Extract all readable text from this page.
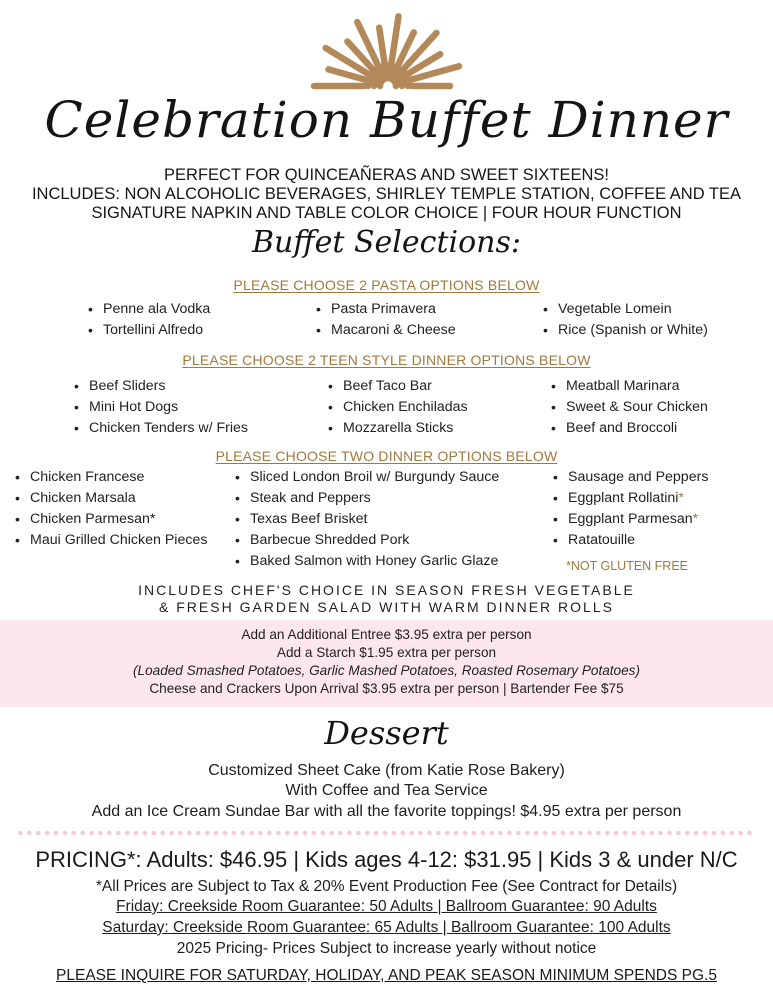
Celebration Buffet Dinner
PERFECT FOR QUINCEAÑERAS AND SWEET SIXTEENS!
INCLUDES: NON ALCOHOLIC BEVERAGES, SHIRLEY TEMPLE STATION, COFFEE AND TEA
SIGNATURE NAPKIN AND TABLE COLOR CHOICE | FOUR HOUR FUNCTION
Buffet Selections:
PLEASE CHOOSE 2 PASTA OPTIONS BELOW
• Penne ala Vodka
• Tortellini Alfredo
• Pasta Primavera
• Macaroni & Cheese
• Vegetable Lomein
• Rice (Spanish or White)
PLEASE CHOOSE 2 TEEN STYLE DINNER OPTIONS BELOW
• Beef Sliders
• Mini Hot Dogs
• Chicken Tenders w/ Fries
• Beef Taco Bar
• Chicken Enchiladas
• Mozzarella Sticks
• Meatball Marinara
• Sweet & Sour Chicken
• Beef and Broccoli
PLEASE CHOOSE TWO DINNER OPTIONS BELOW
• Chicken Francese
• Chicken Marsala
• Chicken Parmesan*
• Maui Grilled Chicken Pieces
• Sliced London Broil w/ Burgundy Sauce
• Steak and Peppers
• Texas Beef Brisket
• Barbecue Shredded Pork
• Baked Salmon with Honey Garlic Glaze
• Sausage and Peppers
• Eggplant Rollatini*
• Eggplant Parmesan*
• Ratatouille
*NOT GLUTEN FREE
INCLUDES CHEF'S CHOICE IN SEASON FRESH VEGETABLE
& FRESH GARDEN SALAD WITH WARM DINNER ROLLS
Add an Additional Entree $3.95 extra per person
Add a Starch $1.95 extra per person
(Loaded Smashed Potatoes, Garlic Mashed Potatoes, Roasted Rosemary Potatoes)
Cheese and Crackers Upon Arrival $3.95 extra per person | Bartender Fee $75
Dessert
Customized Sheet Cake (from Katie Rose Bakery)
With Coffee and Tea Service
Add an Ice Cream Sundae Bar with all the favorite toppings! $4.95 extra per person
PRICING*: Adults: $46.95 | Kids ages 4-12: $31.95 | Kids 3 & under N/C
*All Prices are Subject to Tax & 20% Event Production Fee (See Contract for Details)
Friday: Creekside Room Guarantee: 50 Adults | Ballroom Guarantee: 90 Adults
Saturday: Creekside Room Guarantee: 65 Adults | Ballroom Guarantee: 100 Adults
2025 Pricing- Prices Subject to increase yearly without notice
PLEASE INQUIRE FOR SATURDAY, HOLIDAY, AND PEAK SEASON MINIMUM SPENDS PG.5
